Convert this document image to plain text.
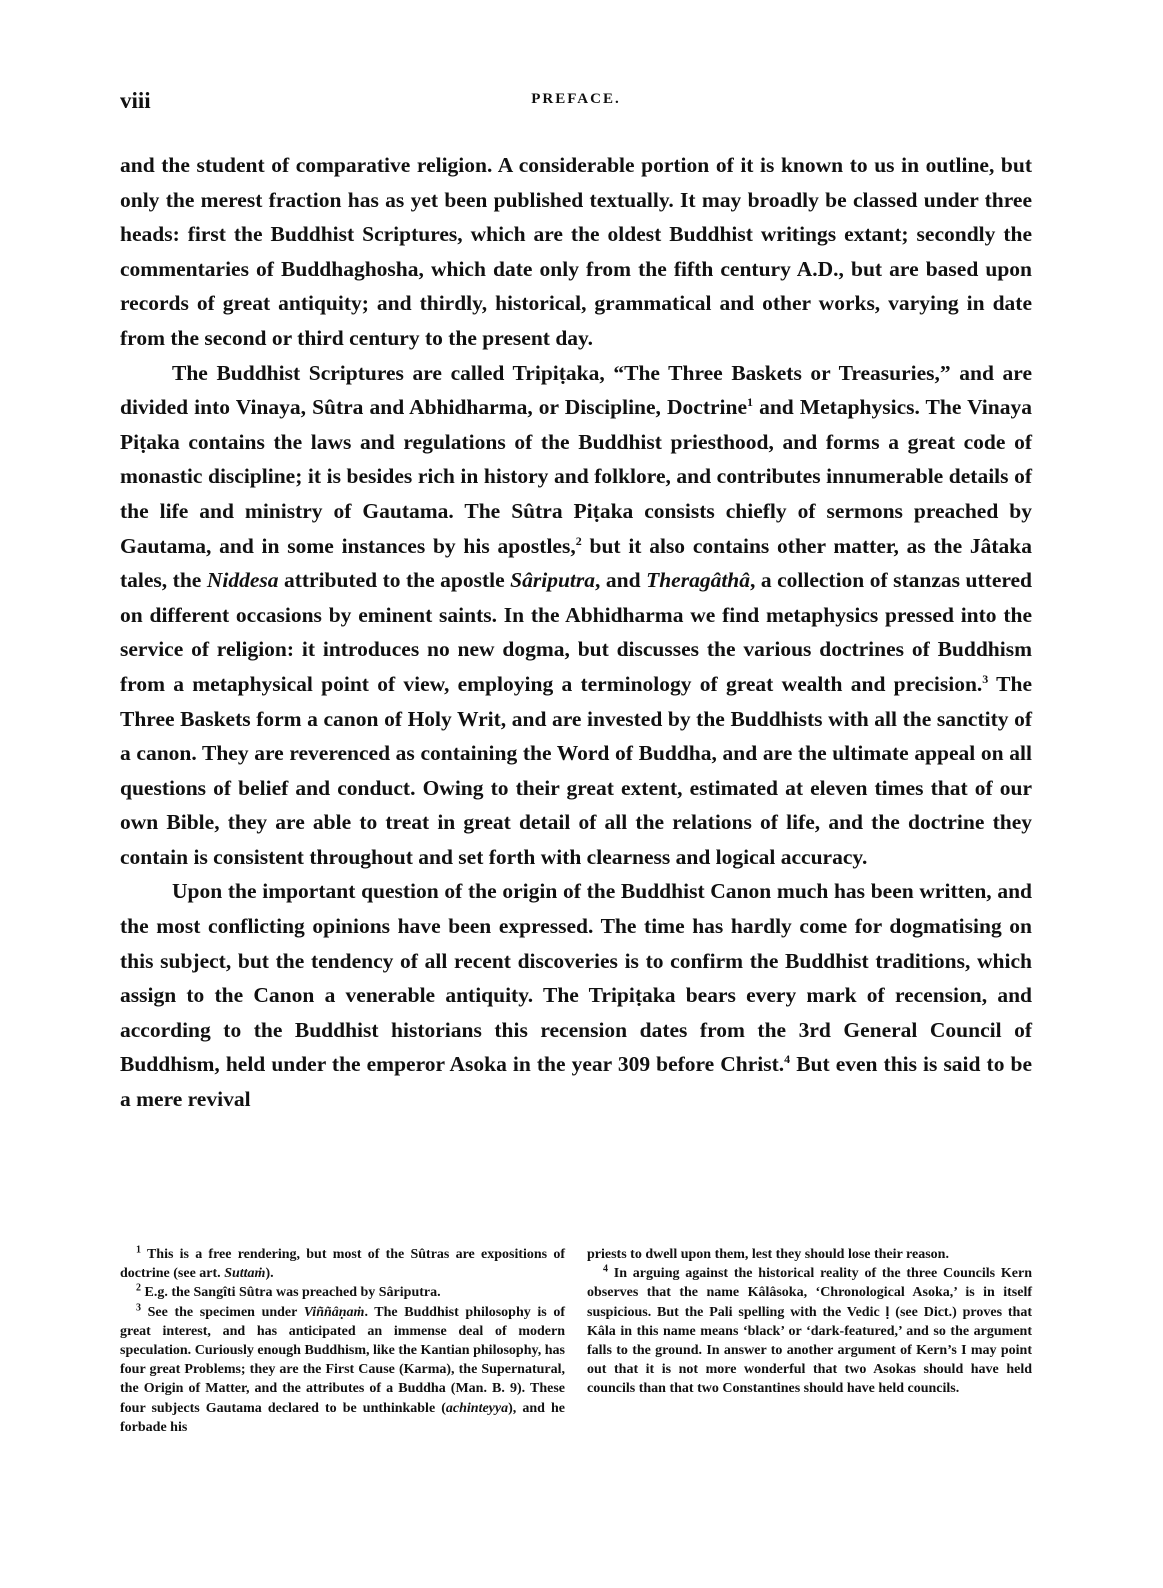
viii	PREFACE.

and the student of comparative religion. A considerable portion of it is known to us in outline, but only the merest fraction has as yet been published textually. It may broadly be classed under three heads: first the Buddhist Scriptures, which are the oldest Buddhist writings extant; secondly the commentaries of Buddhaghosha, which date only from the fifth century A.D., but are based upon records of great antiquity; and thirdly, historical, grammatical and other works, varying in date from the second or third century to the present day.

The Buddhist Scriptures are called Tripiṭaka, “The Three Baskets or Treasuries,” and are divided into Vinaya, Sûtra and Abhidharma, or Discipline, Doctrine$^1$ and Metaphysics. The Vinaya Piṭaka contains the laws and regulations of the Buddhist priesthood, and forms a great code of monastic discipline; it is besides rich in history and folklore, and contributes innumerable details of the life and ministry of Gautama. The Sûtra Piṭaka consists chiefly of sermons preached by Gautama, and in some instances by his apostles,$^2$ but it also contains other matter, as the Jâtaka tales, the Niddesa attributed to the apostle Sâriputra, and Theragâthâ, a collection of stanzas uttered on different occasions by eminent saints. In the Abhidharma we find metaphysics pressed into the service of religion: it introduces no new dogma, but discusses the various doctrines of Buddhism from a metaphysical point of view, employing a terminology of great wealth and precision.$^3$ The Three Baskets form a canon of Holy Writ, and are invested by the Buddhists with all the sanctity of a canon. They are reverenced as containing the Word of Buddha, and are the ultimate appeal on all questions of belief and conduct. Owing to their great extent, estimated at eleven times that of our own Bible, they are able to treat in great detail of all the relations of life, and the doctrine they contain is consistent throughout and set forth with clearness and logical accuracy.

Upon the important question of the origin of the Buddhist Canon much has been written, and the most conflicting opinions have been expressed. The time has hardly come for dogmatising on this subject, but the tendency of all recent discoveries is to confirm the Buddhist traditions, which assign to the Canon a venerable antiquity. The Tripiṭaka bears every mark of recension, and according to the Buddhist historians this recension dates from the 3rd General Council of Buddhism, held under the emperor Asoka in the year 309 before Christ.$^4$ But even this is said to be a mere revival

$^1$ This is a free rendering, but most of the Sûtras are expositions of doctrine (see art. Suttaṁ).

$^2$ E.g. the Sangîti Sûtra was preached by Sâriputra.

$^3$ See the specimen under Viññâṇaṁ. The Buddhist philosophy is of great interest, and has anticipated an immense deal of modern speculation. Curiously enough Buddhism, like the Kantian philosophy, has four great Problems; they are the First Cause (Karma), the Supernatural, the Origin of Matter, and the attributes of a Buddha (Man. B. 9). These four subjects Gautama declared to be unthinkable (achinteyya), and he forbade his

priests to dwell upon them, lest they should lose their reason.

$^4$ In arguing against the historical reality of the three Councils Kern observes that the name Kâlâsoka, ‘Chronological Asoka,’ is in itself suspicious. But the Pali spelling with the Vedic ḷ (see Dict.) proves that Kâla in this name means ‘black’ or ‘dark-featured,’ and so the argument falls to the ground. In answer to another argument of Kern’s I may point out that it is not more wonderful that two Asokas should have held councils than that two Constantines should have held councils.
